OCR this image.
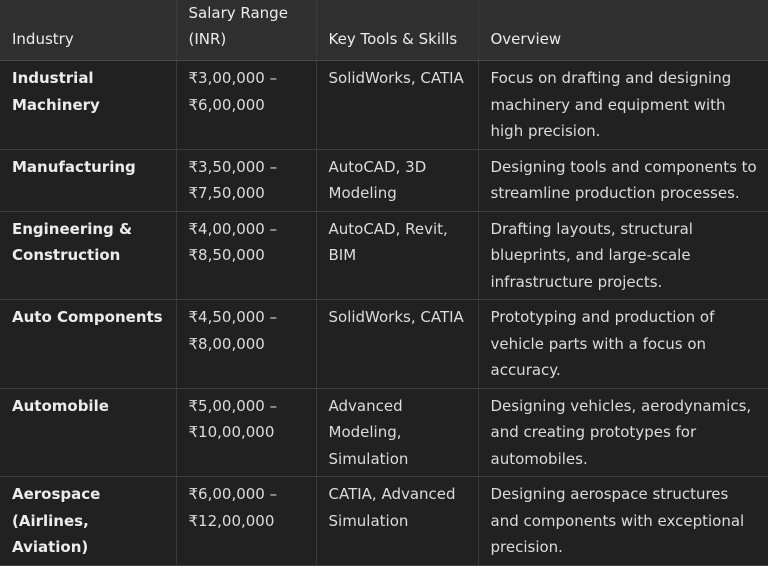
Industry	Salary Range (INR)	Key Tools & Skills	Overview
Industrial Machinery	₹3,00,000 – ₹6,00,000	SolidWorks, CATIA	Focus on drafting and designing machinery and equipment with high precision.
Manufacturing	₹3,50,000 – ₹7,50,000	AutoCAD, 3D Modeling	Designing tools and components to streamline production processes.
Engineering & Construction	₹4,00,000 – ₹8,50,000	AutoCAD, Revit, BIM	Drafting layouts, structural blueprints, and large-scale infrastructure projects.
Auto Components	₹4,50,000 – ₹8,00,000	SolidWorks, CATIA	Prototyping and production of vehicle parts with a focus on accuracy.
Automobile	₹5,00,000 – ₹10,00,000	Advanced Modeling, Simulation	Designing vehicles, aerodynamics, and creating prototypes for automobiles.
Aerospace (Airlines, Aviation)	₹6,00,000 – ₹12,00,000	CATIA, Advanced Simulation	Designing aerospace structures and components with exceptional precision.
